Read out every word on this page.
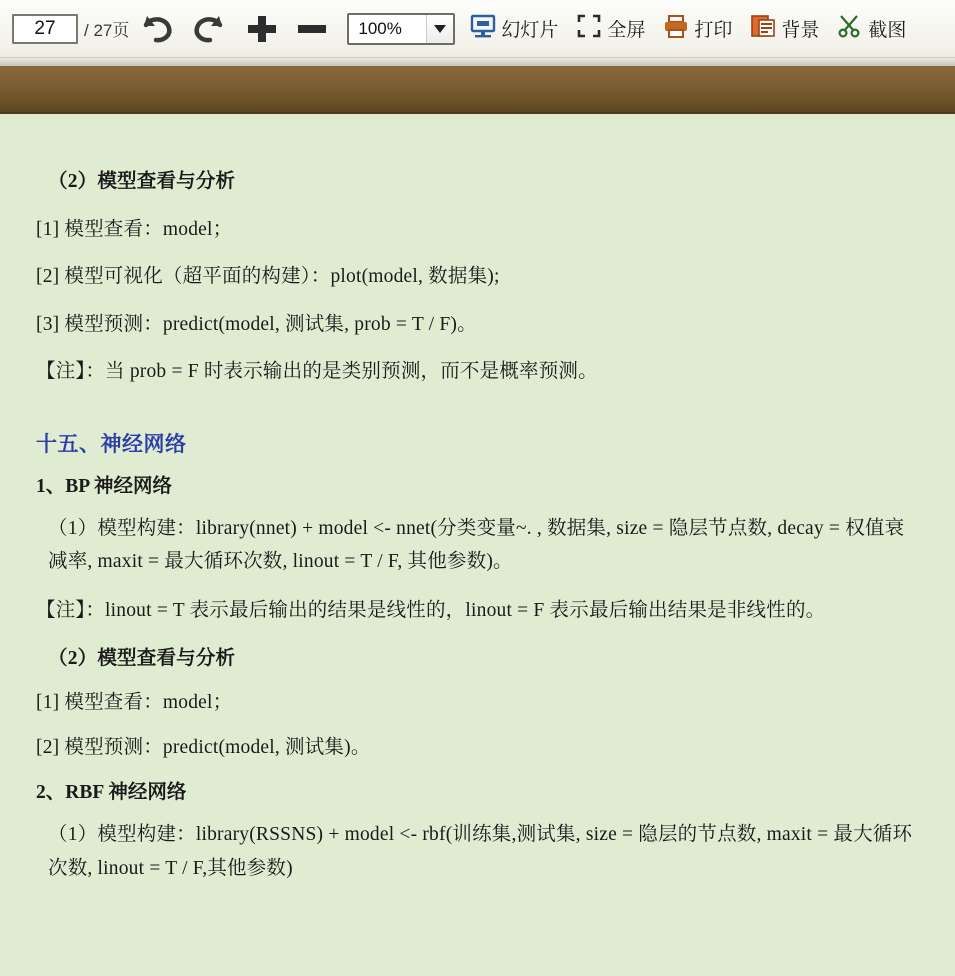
27
/ 27页	100%	幻灯片	全屏	打印	背景	截图
（2）模型查看与分析
[1] 模型查看：model；
[2] 模型可视化（超平面的构建）：plot(model, 数据集);
[3] 模型预测：predict(model, 测试集, prob = T / F)。
【注】：当 prob = F 时表示输出的是类别预测，而不是概率预测。
十五、神经网络
1、BP 神经网络
（1）模型构建：library(nnet) + model <- nnet(分类变量~. , 数据集, size = 隐层节点数, decay = 权值衰减率, maxit = 最大循环次数, linout = T / F, 其他参数)。
【注】：linout = T 表示最后输出的结果是线性的，linout = F 表示最后输出结果是非线性的。
（2）模型查看与分析
[1] 模型查看：model；
[2] 模型预测：predict(model, 测试集)。
2、RBF 神经网络
（1）模型构建：library(RSSNS) + model <- rbf(训练集,测试集, size = 隐层的节点数, maxit = 最大循环次数, linout = T / F,其他参数)
